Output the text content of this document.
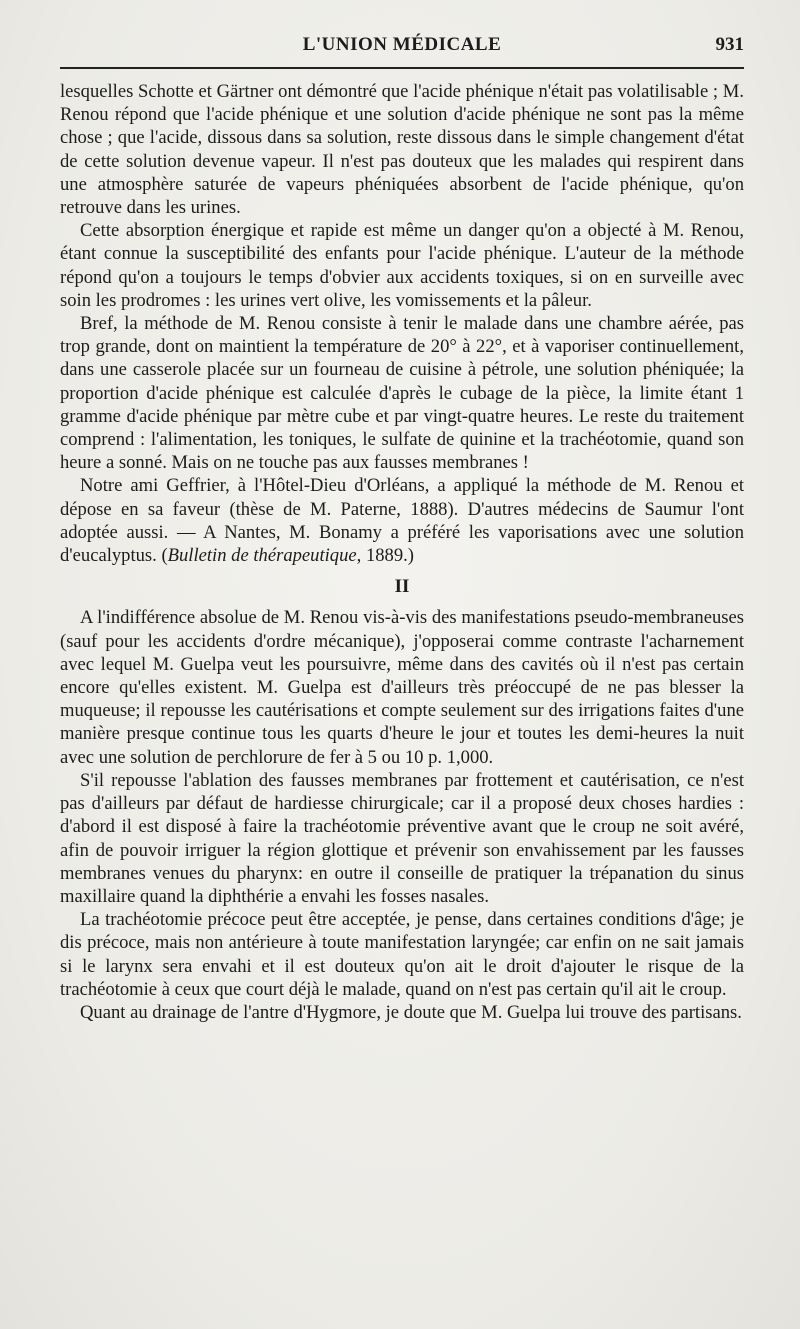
L'UNION MÉDICALE	931

lesquelles Schotte et Gärtner ont démontré que l'acide phénique n'était pas volatilisable ; M. Renou répond que l'acide phénique et une solution d'acide phénique ne sont pas la même chose ; que l'acide, dissous dans sa solution, reste dissous dans le simple changement d'état de cette solution devenue vapeur. Il n'est pas douteux que les malades qui respirent dans une atmosphère saturée de vapeurs phéniquées absorbent de l'acide phénique, qu'on retrouve dans les urines.

Cette absorption énergique et rapide est même un danger qu'on a objecté à M. Renou, étant connue la susceptibilité des enfants pour l'acide phénique. L'auteur de la méthode répond qu'on a toujours le temps d'obvier aux accidents toxiques, si on en surveille avec soin les prodromes : les urines vert olive, les vomissements et la pâleur.

Bref, la méthode de M. Renou consiste à tenir le malade dans une chambre aérée, pas trop grande, dont on maintient la température de 20° à 22°, et à vaporiser continuellement, dans une casserole placée sur un fourneau de cuisine à pétrole, une solution phéniquée; la proportion d'acide phénique est calculée d'après le cubage de la pièce, la limite étant 1 gramme d'acide phénique par mètre cube et par vingt-quatre heures. Le reste du traitement comprend : l'alimentation, les toniques, le sulfate de quinine et la trachéotomie, quand son heure a sonné. Mais on ne touche pas aux fausses membranes !

Notre ami Geffrier, à l'Hôtel-Dieu d'Orléans, a appliqué la méthode de M. Renou et dépose en sa faveur (thèse de M. Paterne, 1888). D'autres médecins de Saumur l'ont adoptée aussi. — A Nantes, M. Bonamy a préféré les vaporisations avec une solution d'eucalyptus. (Bulletin de thérapeutique, 1889.)

II

A l'indifférence absolue de M. Renou vis-à-vis des manifestations pseudo-membraneuses (sauf pour les accidents d'ordre mécanique), j'opposerai comme contraste l'acharnement avec lequel M. Guelpa veut les poursuivre, même dans des cavités où il n'est pas certain encore qu'elles existent. M. Guelpa est d'ailleurs très préoccupé de ne pas blesser la muqueuse; il repousse les cautérisations et compte seulement sur des irrigations faites d'une manière presque continue tous les quarts d'heure le jour et toutes les demi-heures la nuit avec une solution de perchlorure de fer à 5 ou 10 p. 1,000.

S'il repousse l'ablation des fausses membranes par frottement et cautérisation, ce n'est pas d'ailleurs par défaut de hardiesse chirurgicale; car il a proposé deux choses hardies : d'abord il est disposé à faire la trachéotomie préventive avant que le croup ne soit avéré, afin de pouvoir irriguer la région glottique et prévenir son envahissement par les fausses membranes venues du pharynx: en outre il conseille de pratiquer la trépanation du sinus maxillaire quand la diphthérie a envahi les fosses nasales.

La trachéotomie précoce peut être acceptée, je pense, dans certaines conditions d'âge; je dis précoce, mais non antérieure à toute manifestation laryngée; car enfin on ne sait jamais si le larynx sera envahi et il est douteux qu'on ait le droit d'ajouter le risque de la trachéotomie à ceux que court déjà le malade, quand on n'est pas certain qu'il ait le croup.

Quant au drainage de l'antre d'Hygmore, je doute que M. Guelpa lui trouve des partisans.
